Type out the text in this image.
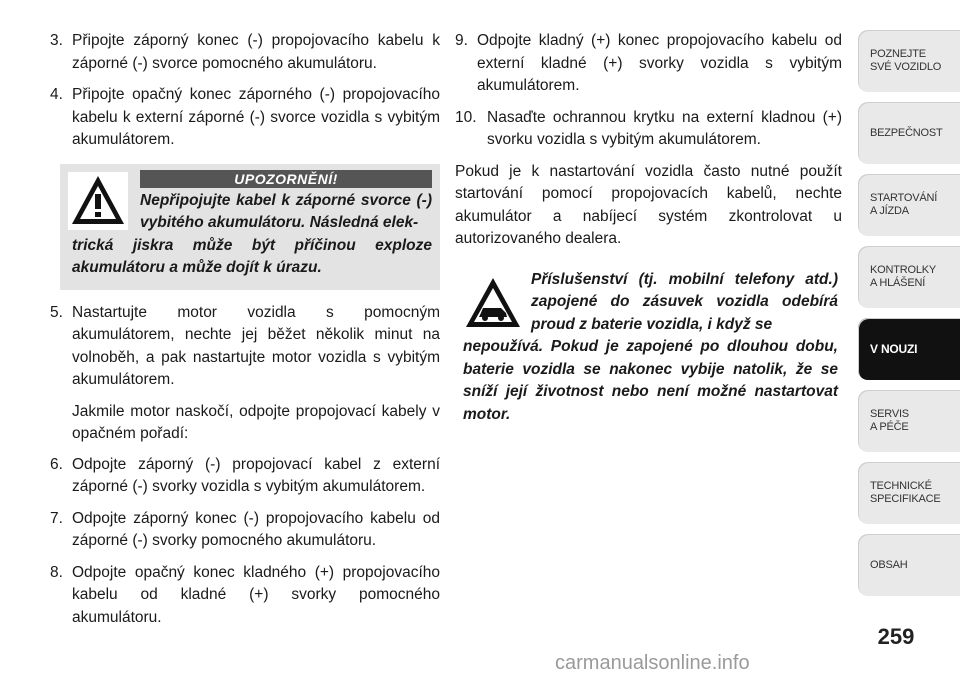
3. Připojte záporný konec (-) propojovacího kabelu k záporné (-) svorce pomocného akumulátoru.
4. Připojte opačný konec záporného (-) propojovacího kabelu k externí záporné (-) svorce vozidla s vybitým akumulátorem.
UPOZORNĚNÍ!
Nepřipojujte kabel k záporné svorce (-) vybitého akumulátoru. Následná elek-
trická jiskra může být příčinou exploze akumulátoru a může dojít k úrazu.
5. Nastartujte motor vozidla s pomocným akumulátorem, nechte jej běžet několik minut na volnoběh, a pak nastartujte motor vozidla s vybitým akumulátorem.
Jakmile motor naskočí, odpojte propojovací kabely v opačném pořadí:
6. Odpojte záporný (-) propojovací kabel z externí záporné (-) svorky vozidla s vybitým akumulátorem.
7. Odpojte záporný konec (-) propojovacího kabelu od záporné (-) svorky pomocného akumulátoru.
8. Odpojte opačný konec kladného (+) propojovacího kabelu od kladné (+) svorky pomocného akumulátoru.
9. Odpojte kladný (+) konec propojovacího kabelu od externí kladné (+) svorky vozidla s vybitým akumulátorem.
10. Nasaďte ochrannou krytku na externí kladnou (+) svorku vozidla s vybitým akumulátorem.
Pokud je k nastartování vozidla často nutné použít startování pomocí propojovacích kabelů, nechte akumulátor a nabíjecí systém zkontrolovat u autorizovaného dealera.
Příslušenství (tj. mobilní telefony atd.) zapojené do zásuvek vozidla odebírá proud z baterie vozidla, i když se
nepoužívá. Pokud je zapojené po dlouhou dobu, baterie vozidla se nakonec vybije natolik, že se sníží její životnost nebo není možné nastartovat motor.
POZNEJTE
SVÉ VOZIDLO
BEZPEČNOST
STARTOVÁNÍ
A JÍZDA
KONTROLKY
A HLÁŠENÍ
V NOUZI
SERVIS
A PÉČE
TECHNICKÉ
SPECIFIKACE
OBSAH
259
carmanualsonline.info
